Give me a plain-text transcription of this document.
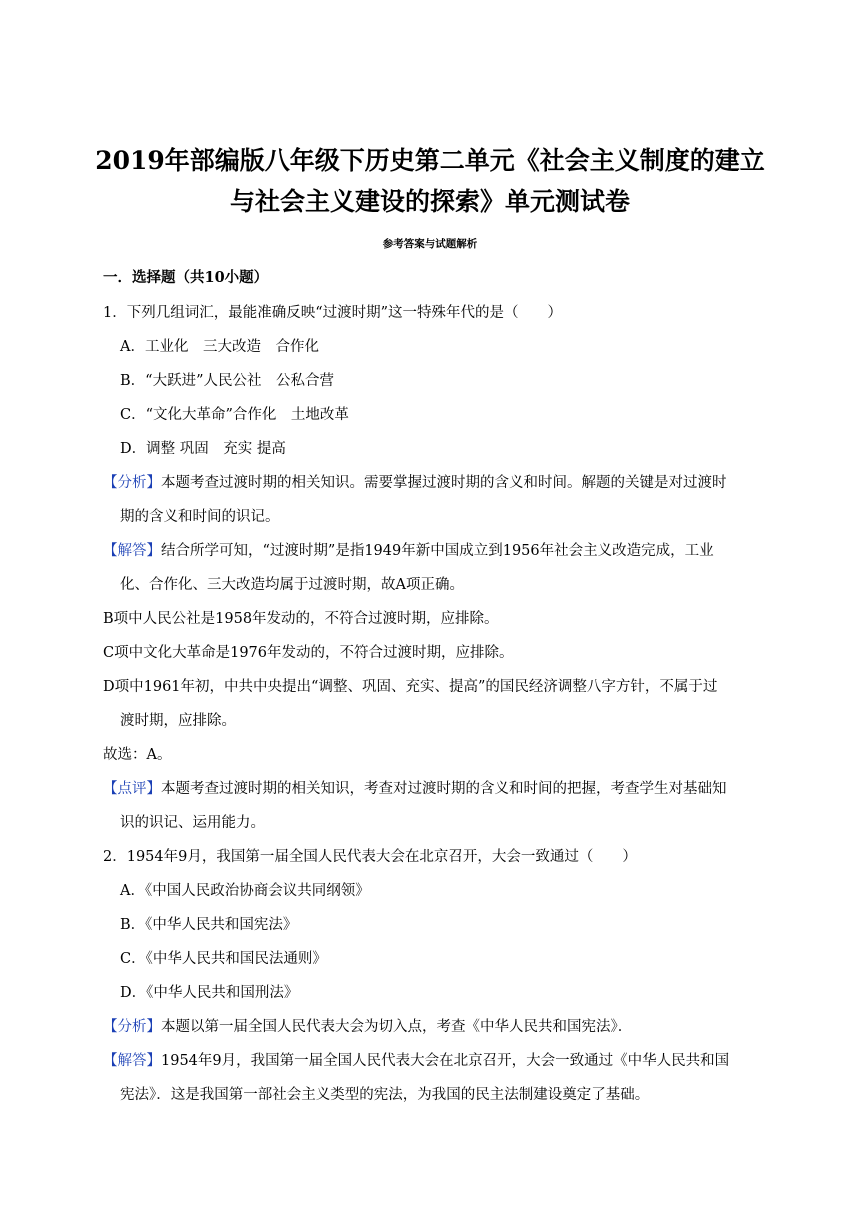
2019年部编版八年级下历史第二单元《社会主义制度的建立
与社会主义建设的探索》单元测试卷
参考答案与试题解析
一．选择题（共10小题）
1．下列几组词汇，最能准确反映“过渡时期”这一特殊年代的是（　　）
A．工业化　三大改造　合作化
B．“大跃进”人民公社　公私合营
C．“文化大革命”合作化　土地改革
D．调整 巩固　充实 提高
【分析】本题考查过渡时期的相关知识。需要掌握过渡时期的含义和时间。解题的关键是对过渡时
期的含义和时间的识记。
【解答】结合所学可知，“过渡时期”是指1949年新中国成立到1956年社会主义改造完成，工业
化、合作化、三大改造均属于过渡时期，故A项正确。
B项中人民公社是1958年发动的，不符合过渡时期，应排除。
C项中文化大革命是1976年发动的，不符合过渡时期，应排除。
D项中1961年初，中共中央提出“调整、巩固、充实、提高”的国民经济调整八字方针，不属于过
渡时期，应排除。
故选：A。
【点评】本题考查过渡时期的相关知识，考查对过渡时期的含义和时间的把握，考查学生对基础知
识的识记、运用能力。
2．1954年9月，我国第一届全国人民代表大会在北京召开，大会一致通过（　　）
A．《中国人民政治协商会议共同纲领》
B．《中华人民共和国宪法》
C．《中华人民共和国民法通则》
D．《中华人民共和国刑法》
【分析】本题以第一届全国人民代表大会为切入点，考查《中华人民共和国宪法》．
【解答】1954年9月，我国第一届全国人民代表大会在北京召开，大会一致通过《中华人民共和国
宪法》．这是我国第一部社会主义类型的宪法，为我国的民主法制建设奠定了基础。
